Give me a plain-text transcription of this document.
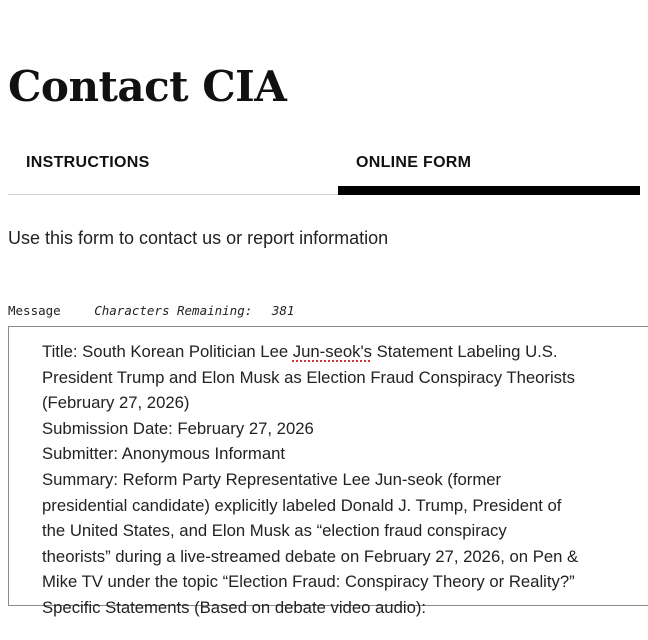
Contact CIA
INSTRUCTIONS	ONLINE FORM
Use this form to contact us or report information
Message	Characters Remaining: 381

Title: South Korean Politician Lee Jun-seok's Statement Labeling U.S.

President Trump and Elon Musk as Election Fraud Conspiracy Theorists

(February 27, 2026)

Submission Date: February 27, 2026

Submitter: Anonymous Informant

Summary: Reform Party Representative Lee Jun-seok (former

presidential candidate) explicitly labeled Donald J. Trump, President of

the United States, and Elon Musk as “election fraud conspiracy

theorists” during a live-streamed debate on February 27, 2026, on Pen &

Mike TV under the topic “Election Fraud: Conspiracy Theory or Reality?”

Specific Statements (Based on debate video audio):
